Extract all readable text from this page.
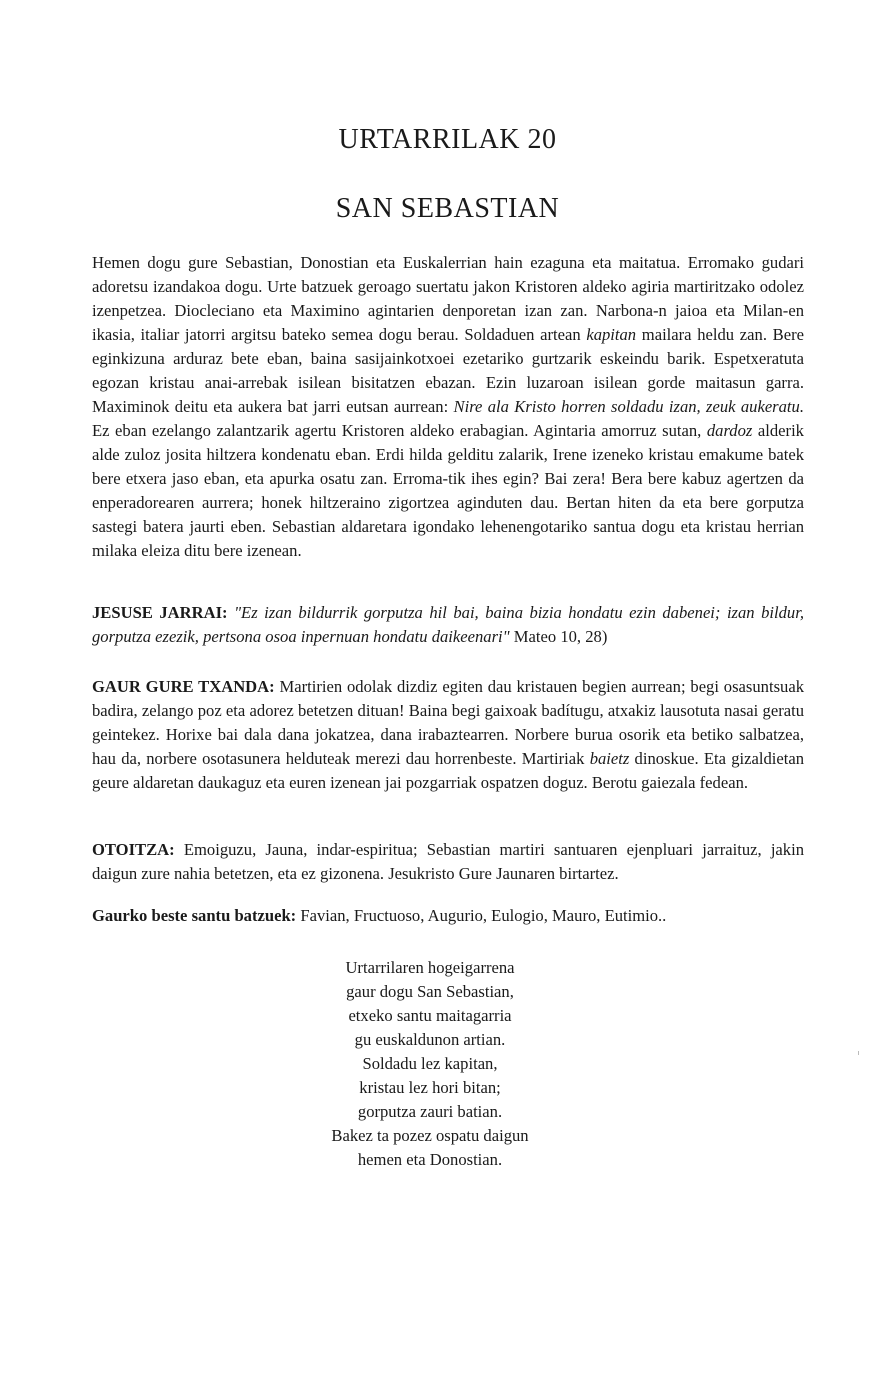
URTARRILAK 20
SAN SEBASTIAN

Hemen dogu gure Sebastian, Donostian eta Euskalerrian hain ezaguna eta maitatua. Erromako gudari adoretsu izandakoa dogu. Urte batzuek geroago suertatu jakon Kristoren aldeko agiria martiritzako odolez izenpetzea. Diocleciano eta Maximino agintarien denporetan izan zan. Narbona-n jaioa eta Milan-en ikasia, italiar jatorri argitsu bateko semea dogu berau. Soldaduen artean kapitan mailara heldu zan. Bere eginkizuna arduraz bete eban, baina sasijainkotxoei ezetariko gurtzarik eskeindu barik. Espetxeratuta egozan kristau anai-arrebak isilean bisitatzen ebazan. Ezin luzaroan isilean gorde maitasun garra. Maximinok deitu eta aukera bat jarri eutsan aurrean: Nire ala Kristo horren soldadu izan, zeuk aukeratu. Ez eban ezelango zalantzarik agertu Kristoren aldeko erabagian. Agintaria amorruz sutan, dardoz alderik alde zuloz josita hiltzera kondenatu eban. Erdi hilda gelditu zalarik, Irene izeneko kristau emakume batek bere etxera jaso eban, eta apurka osatu zan. Erroma-tik ihes egin? Bai zera! Bera bere kabuz agertzen da enperadorearen aurrera; honek hiltzeraino zigortzea aginduten dau. Bertan hiten da eta bere gorputza sastegi batera jaurti eben. Sebastian aldaretara igondako lehenengotariko santua dogu eta kristau herrian milaka eleiza ditu bere izenean.

JESUSE JARRAI: "Ez izan bildurrik gorputza hil bai, baina bizia hondatu ezin dabenei; izan bildur, gorputza ezezik, pertsona osoa inpernuan hondatu daikeenari" Mateo 10, 28)

GAUR GURE TXANDA: Martirien odolak dizdiz egiten dau kristauen begien aurrean; begi osasuntsuak badira, zelango poz eta adorez betetzen dituan! Baina begi gaixoak badítugu, atxakiz lausotuta nasai geratu geintekez. Horixe bai dala dana jokatzea, dana irabaztearren. Norbere burua osorik eta betiko salbatzea, hau da, norbere osotasunera helduteak merezi dau horrenbeste. Martiriak baietz dinoskue. Eta gizaldietan geure aldaretan daukaguz eta euren izenean jai pozgarriak ospatzen doguz. Berotu gaiezala fedean.

OTOITZA: Emoiguzu, Jauna, indar-espiritua; Sebastian martiri santuaren ejenpluari jarraituz, jakin daigun zure nahia betetzen, eta ez gizonena. Jesukristo Gure Jaunaren birtartez.

Gaurko beste santu batzuek: Favian, Fructuoso, Augurio, Eulogio, Mauro, Eutimio..

Urtarrilaren hogeigarrena
gaur dogu San Sebastian,
etxeko santu maitagarria
gu euskaldunon artian.
Soldadu lez kapitan,
kristau lez hori bitan;
gorputza zauri batian.
Bakez ta pozez ospatu daigun
hemen eta Donostian.
